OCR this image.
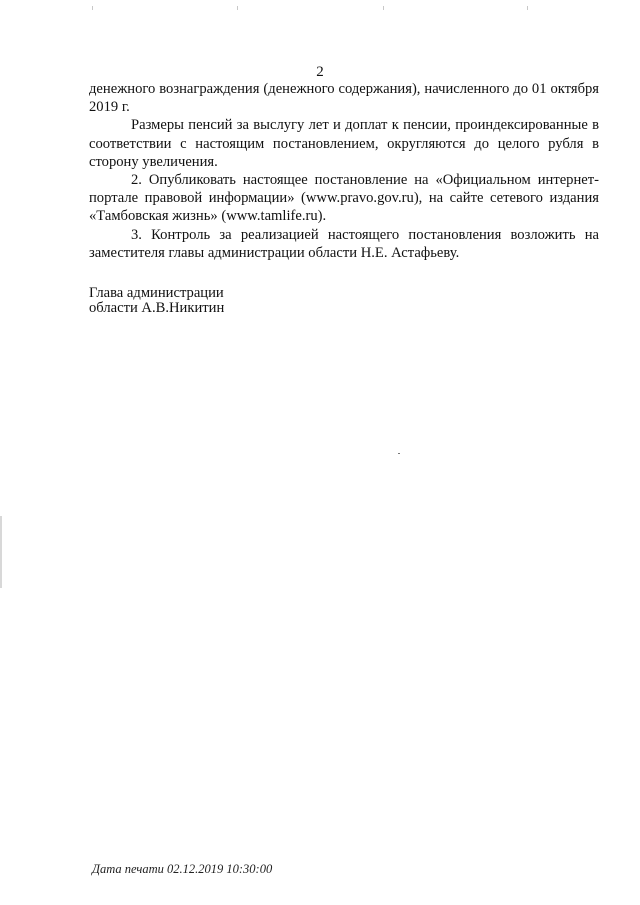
2

денежного вознаграждения (денежного содержания), начисленного до 01 октября 2019 г.

Размеры пенсий за выслугу лет и доплат к пенсии, проиндексированные в соответствии с настоящим постановлением, округляются до целого рубля в сторону увеличения.

2. Опубликовать настоящее постановление на «Официальном интернет-портале правовой информации» (www.pravo.gov.ru), на сайте сетевого издания «Тамбовская жизнь» (www.tamlife.ru).

3. Контроль за реализацией настоящего постановления возложить на заместителя главы администрации области Н.Е. Астафьеву.

Глава администрации
области А.В.Никитин
Дата печати 02.12.2019 10:30:00
